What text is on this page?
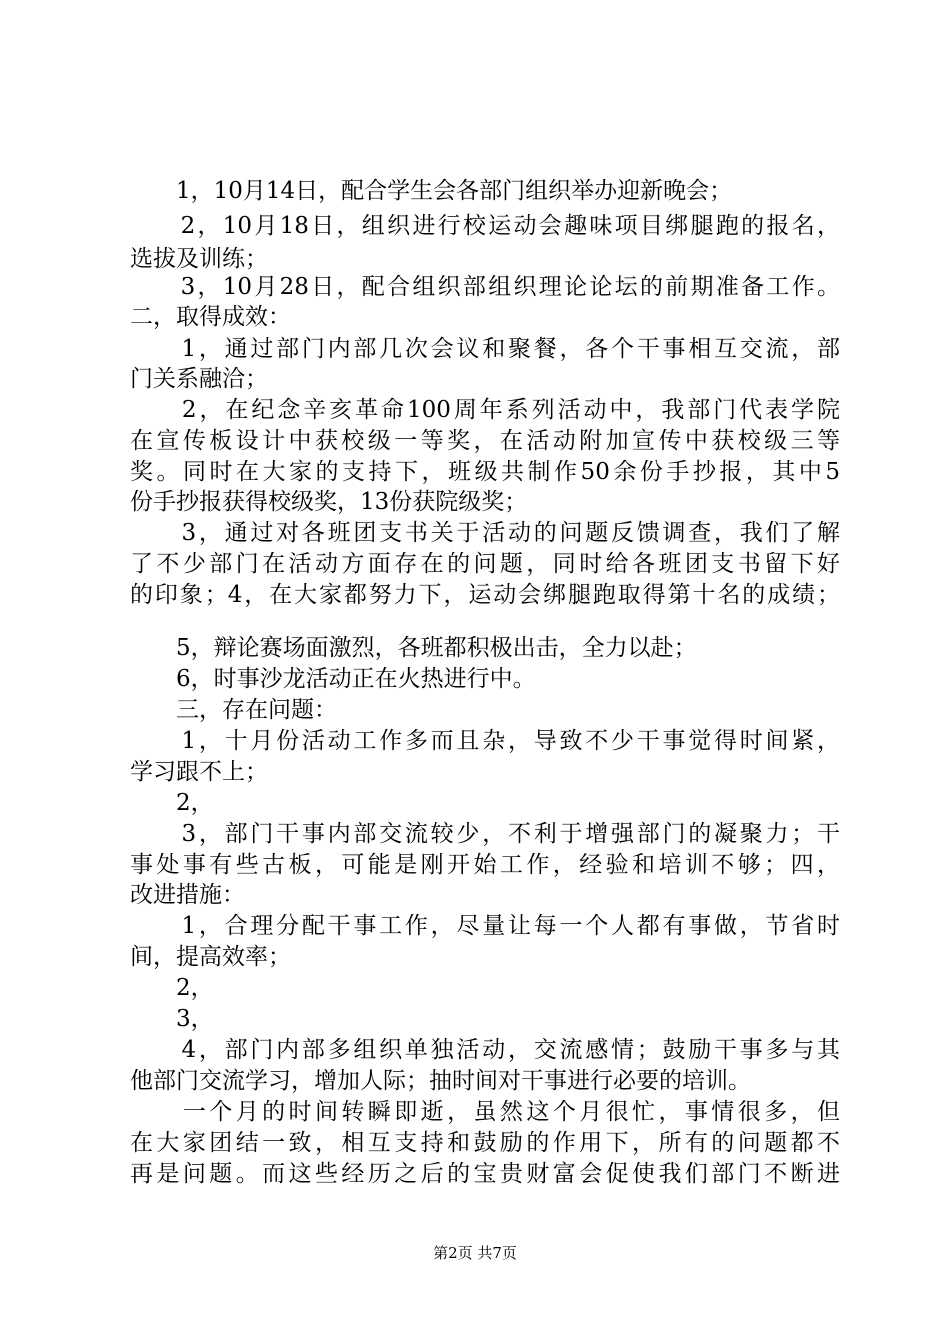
　　1，10月14日，配合学生会各部门组织举办迎新晚会；
　　2，10月18日，组织进行校运动会趣味项目绑腿跑的报名，
选拔及训练；
　　3，10月28日，配合组织部组织理论论坛的前期准备工作。
二，取得成效：
　　1，通过部门内部几次会议和聚餐，各个干事相互交流，部
门关系融洽；
　　2，在纪念辛亥革命100周年系列活动中，我部门代表学院
在宣传板设计中获校级一等奖，在活动附加宣传中获校级三等
奖。同时在大家的支持下，班级共制作50余份手抄报，其中5
份手抄报获得校级奖，13份获院级奖；
　　3，通过对各班团支书关于活动的问题反馈调查，我们了解
了不少部门在活动方面存在的问题，同时给各班团支书留下好
的印象；4，在大家都努力下，运动会绑腿跑取得第十名的成绩；
　　5，辩论赛场面激烈，各班都积极出击，全力以赴；
　　6，时事沙龙活动正在火热进行中。
　　三，存在问题：
　　1，十月份活动工作多而且杂，导致不少干事觉得时间紧，
学习跟不上；
　　2，
　　3，部门干事内部交流较少，不利于增强部门的凝聚力；干
事处事有些古板，可能是刚开始工作，经验和培训不够；四，
改进措施：
　　1，合理分配干事工作，尽量让每一个人都有事做，节省时
间，提高效率；
　　2，
　　3，
　　4，部门内部多组织单独活动，交流感情；鼓励干事多与其
他部门交流学习，增加人际；抽时间对干事进行必要的培训。
　　一个月的时间转瞬即逝，虽然这个月很忙，事情很多，但
在大家团结一致，相互支持和鼓励的作用下，所有的问题都不
再是问题。而这些经历之后的宝贵财富会促使我们部门不断进
第2页 共7页
